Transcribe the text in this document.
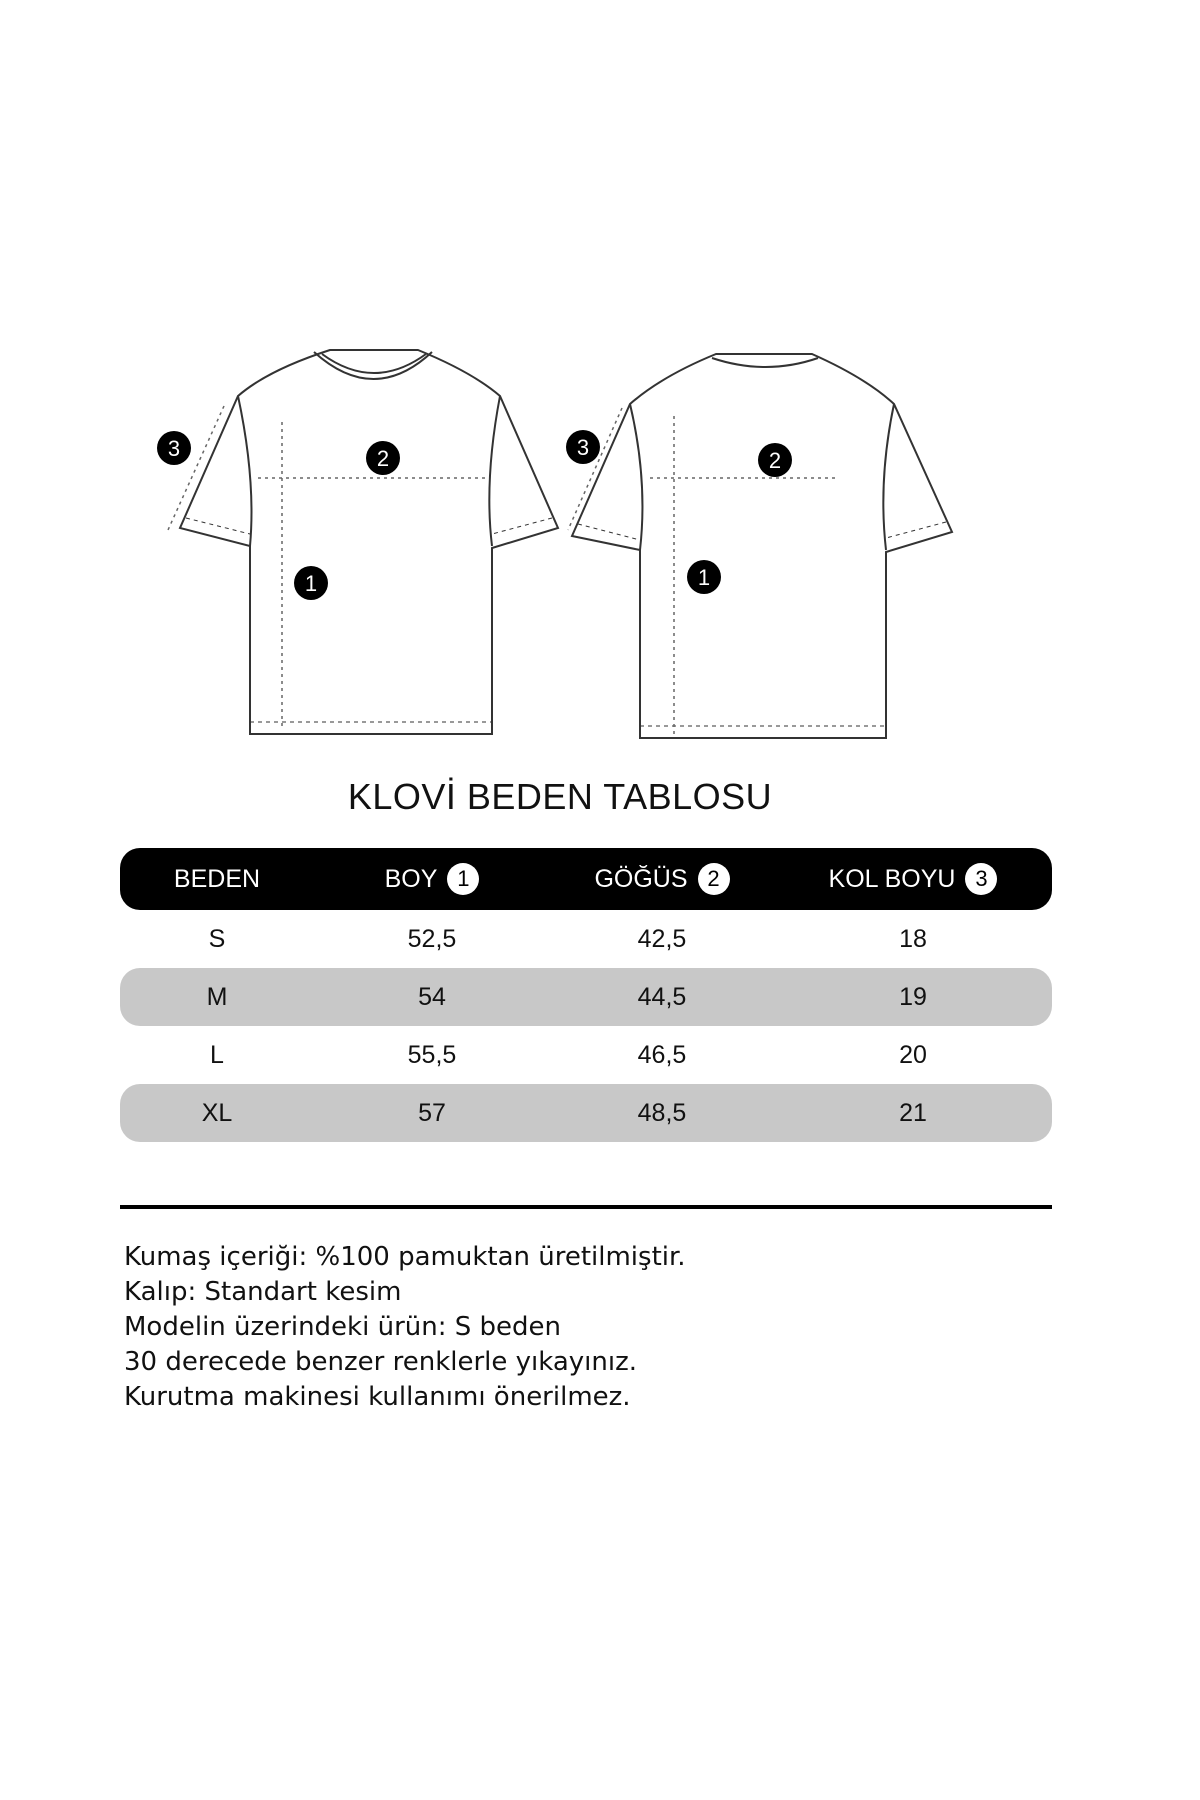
1
2
3
1
2
3
KLOVİ BEDEN TABLOSU
BEDEN	BOY 1	GÖĞÜS 2	KOL BOYU 3
S	52,5	42,5	18
M	54	44,5	19
L	55,5	46,5	20
XL	57	48,5	21
Kumaş içeriği: %100 pamuktan üretilmiştir.
Kalıp: Standart kesim
Modelin üzerindeki ürün: S beden
30 derecede benzer renklerle yıkayınız.
Kurutma makinesi kullanımı önerilmez.
